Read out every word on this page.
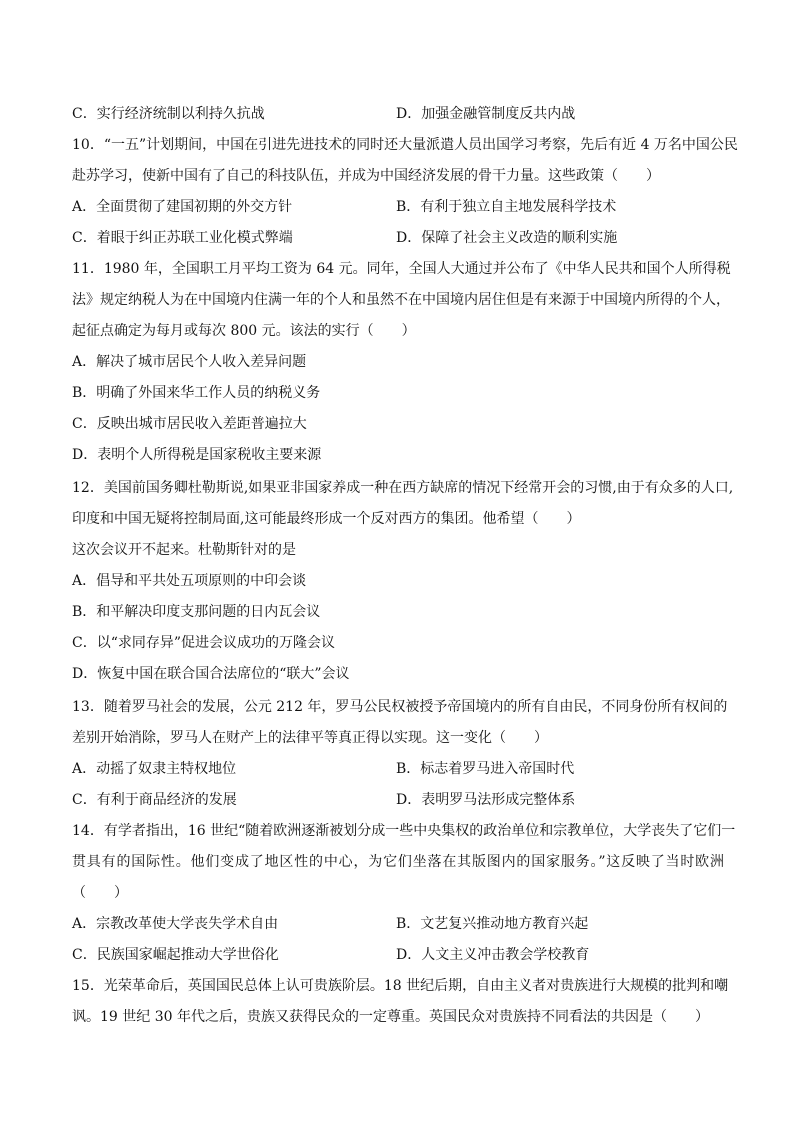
C．实行经济统制以利持久抗战	D．加强金融管制度反共内战
10．“一五”计划期间，中国在引进先进技术的同时还大量派遣人员出国学习考察，先后有近 4 万名中国公民
赴苏学习，使新中国有了自己的科技队伍，并成为中国经济发展的骨干力量。这些政策（　　）
A．全面贯彻了建国初期的外交方针	B．有利于独立自主地发展科学技术
C．着眼于纠正苏联工业化模式弊端	D．保障了社会主义改造的顺利实施
11．1980 年，全国职工月平均工资为 64 元。同年，全国人大通过并公布了《中华人民共和国个人所得税
法》规定纳税人为在中国境内住满一年的个人和虽然不在中国境内居住但是有来源于中国境内所得的个人，
起征点确定为每月或每次 800 元。该法的实行（　　）
A．解决了城市居民个人收入差异问题
B．明确了外国来华工作人员的纳税义务
C．反映出城市居民收入差距普遍拉大
D．表明个人所得税是国家税收主要来源
12．美国前国务卿杜勒斯说,如果亚非国家养成一种在西方缺席的情况下经常开会的习惯,由于有众多的人口,
印度和中国无疑将控制局面,这可能最终形成一个反对西方的集团。他希望（　　）
这次会议开不起来。杜勒斯针对的是
A．倡导和平共处五项原则的中印会谈
B．和平解决印度支那问题的日内瓦会议
C．以“求同存异”促进会议成功的万隆会议
D．恢复中国在联合国合法席位的“联大”会议
13．随着罗马社会的发展，公元 212 年，罗马公民权被授予帝国境内的所有自由民，不同身份所有权间的
差别开始消除，罗马人在财产上的法律平等真正得以实现。这一变化（　　）
A．动摇了奴隶主特权地位	B．标志着罗马进入帝国时代
C．有利于商品经济的发展	D．表明罗马法形成完整体系
14．有学者指出，16 世纪“随着欧洲逐渐被划分成一些中央集权的政治单位和宗教单位，大学丧失了它们一
贯具有的国际性。他们变成了地区性的中心，为它们坐落在其版图内的国家服务。”这反映了当时欧洲
（　　）
A．宗教改革使大学丧失学术自由	B．文艺复兴推动地方教育兴起
C．民族国家崛起推动大学世俗化	D．人文主义冲击教会学校教育
15．光荣革命后，英国国民总体上认可贵族阶层。18 世纪后期，自由主义者对贵族进行大规模的批判和嘲
讽。19 世纪 30 年代之后，贵族又获得民众的一定尊重。英国民众对贵族持不同看法的共因是（　　）
